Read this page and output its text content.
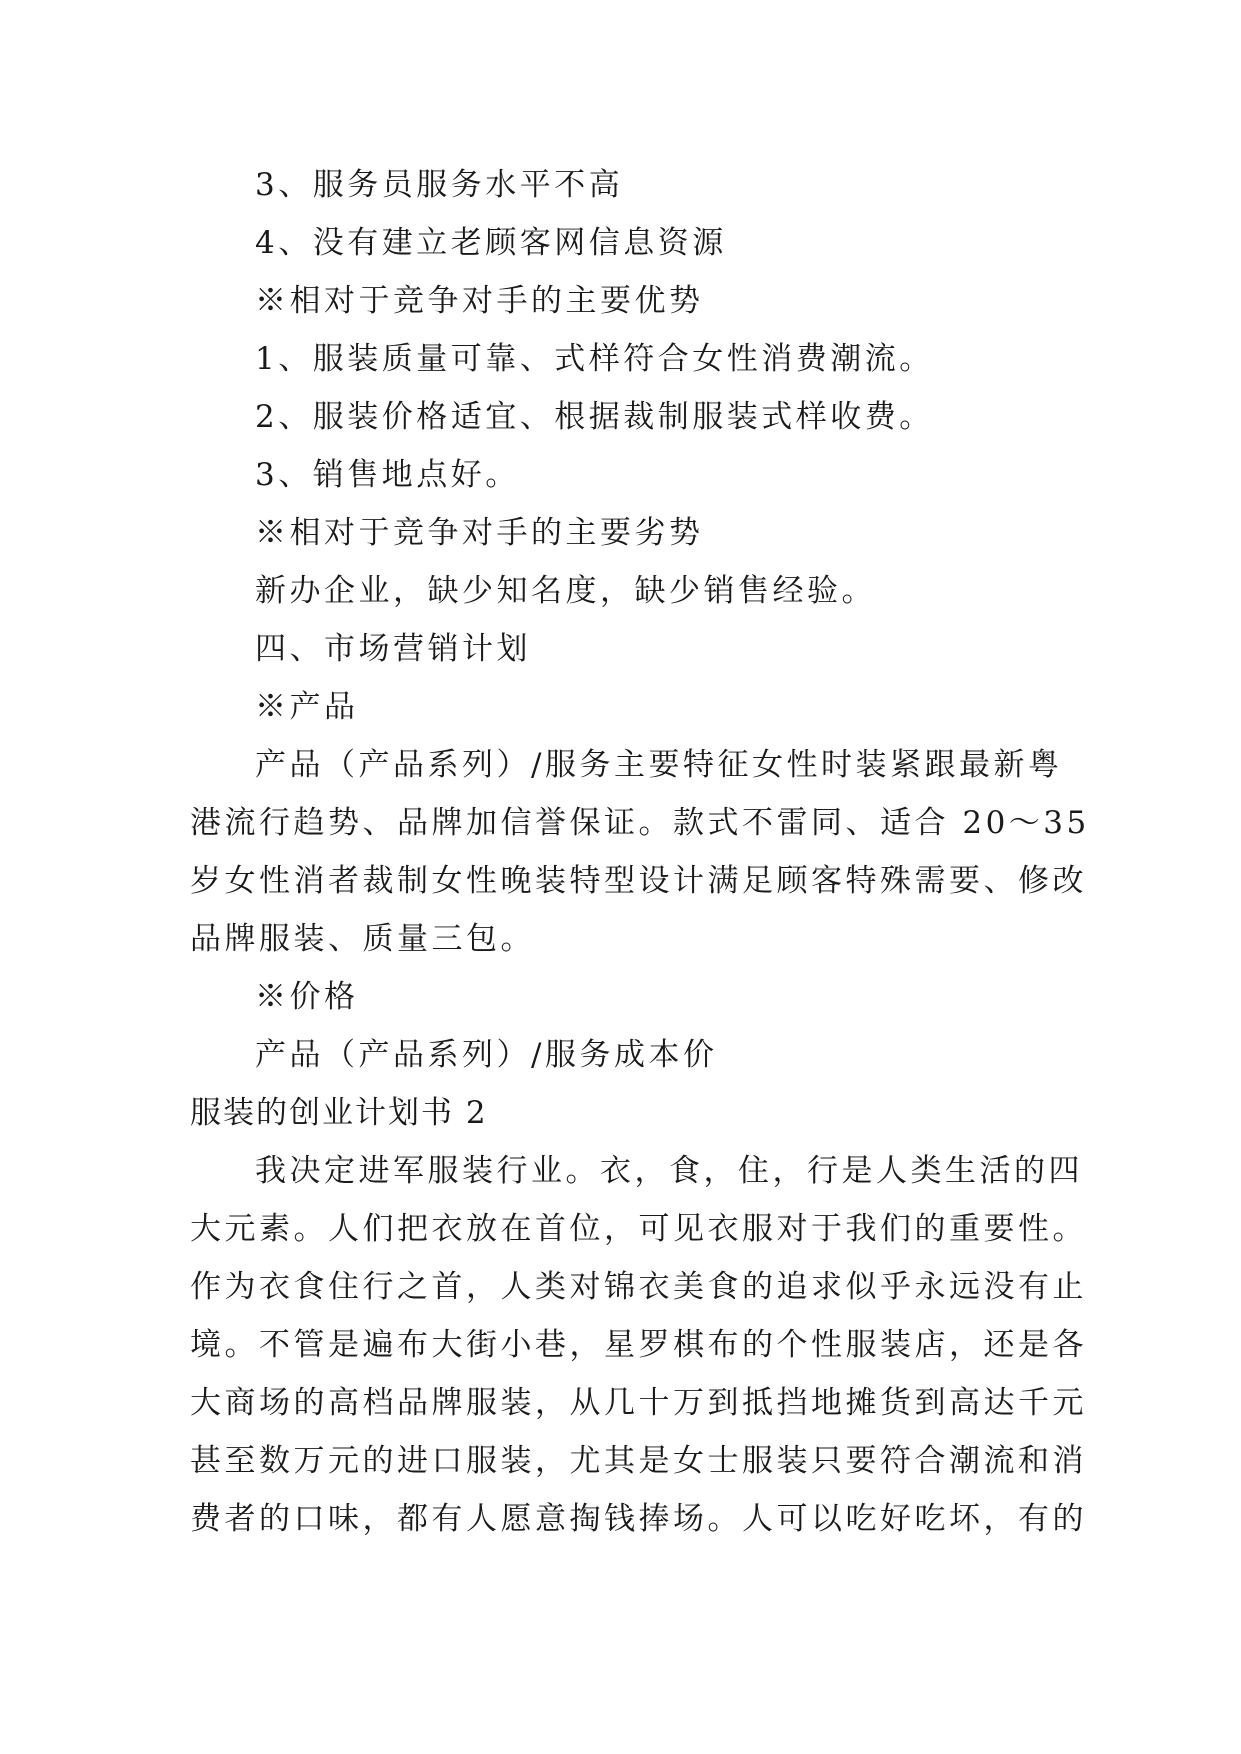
3、服务员服务水平不高
4、没有建立老顾客网信息资源
※相对于竞争对手的主要优势
1、服装质量可靠、式样符合女性消费潮流。
2、服装价格适宜、根据裁制服装式样收费。
3、销售地点好。
※相对于竞争对手的主要劣势
新办企业，缺少知名度，缺少销售经验。
四、市场营销计划
※产品
产品（产品系列）/服务主要特征女性时装紧跟最新粤
港流行趋势、品牌加信誉保证。款式不雷同、适合 20～35
岁女性消者裁制女性晚装特型设计满足顾客特殊需要、修改
品牌服装、质量三包。
※价格
产品（产品系列）/服务成本价
服装的创业计划书 2
我决定进军服装行业。衣，食，住，行是人类生活的四
大元素。人们把衣放在首位，可见衣服对于我们的重要性。
作为衣食住行之首，人类对锦衣美食的追求似乎永远没有止
境。不管是遍布大街小巷，星罗棋布的个性服装店，还是各
大商场的高档品牌服装，从几十万到抵挡地摊货到高达千元
甚至数万元的进口服装，尤其是女士服装只要符合潮流和消
费者的口味，都有人愿意掏钱捧场。人可以吃好吃坏，有的
